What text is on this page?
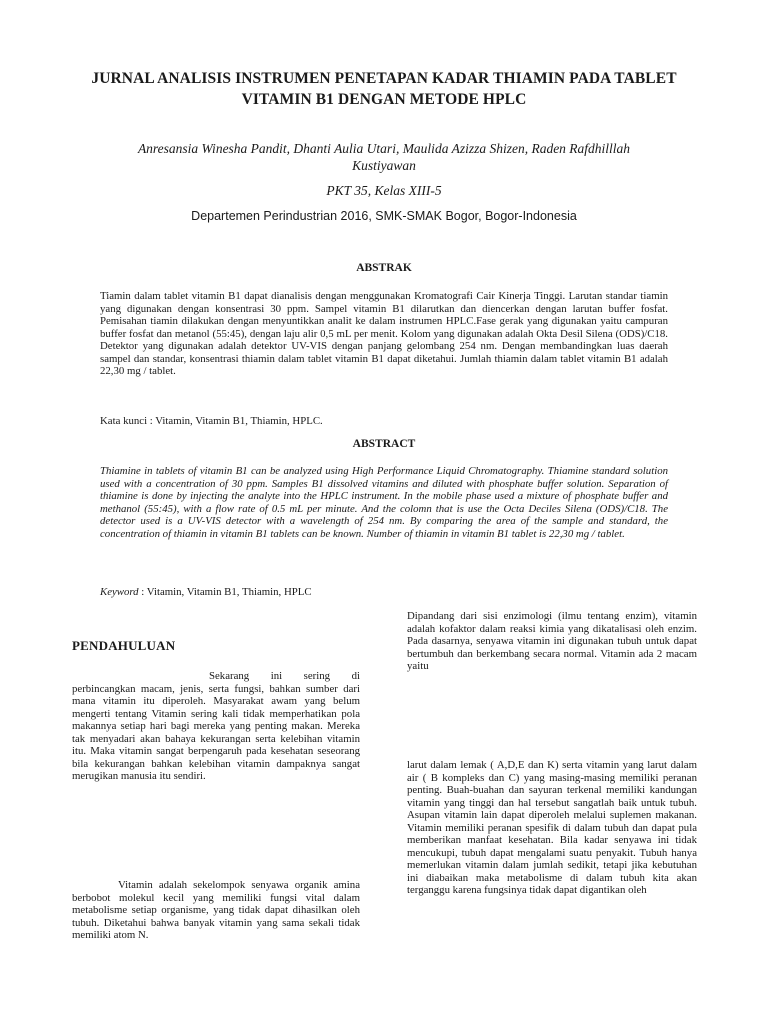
JURNAL ANALISIS INSTRUMEN PENETAPAN KADAR THIAMIN PADA TABLET VITAMIN B1 DENGAN METODE HPLC
Anresansia Winesha Pandit, Dhanti Aulia Utari, Maulida Azizza Shizen, Raden Rafdhilllah Kustiyawan
PKT 35, Kelas XIII-5
Departemen Perindustrian 2016, SMK-SMAK Bogor, Bogor-Indonesia
ABSTRAK
Tiamin dalam tablet vitamin B1 dapat dianalisis dengan menggunakan Kromatografi Cair Kinerja Tinggi. Larutan standar tiamin yang digunakan dengan konsentrasi 30 ppm. Sampel vitamin B1 dilarutkan dan diencerkan dengan larutan buffer fosfat. Pemisahan tiamin dilakukan dengan menyuntikkan analit ke dalam instrumen HPLC.Fase gerak yang digunakan yaitu campuran buffer fosfat dan metanol (55:45), dengan laju alir 0,5 mL per menit. Kolom yang digunakan adalah Okta Desil Silena (ODS)/C18. Detektor yang digunakan adalah detektor UV-VIS dengan panjang gelombang 254 nm. Dengan membandingkan luas daerah sampel dan standar, konsentrasi thiamin dalam tablet vitamin B1 dapat diketahui. Jumlah thiamin dalam tablet vitamin B1 adalah 22,30 mg / tablet.
Kata kunci : Vitamin, Vitamin B1, Thiamin, HPLC.
ABSTRACT
Thiamine in tablets of vitamin B1 can be analyzed using High Performance Liquid Chromatography. Thiamine standard solution used with a concentration of 30 ppm. Samples B1 dissolved vitamins and diluted with phosphate buffer solution. Separation of thiamine is done by injecting the analyte into the HPLC instrument. In the mobile phase used a mixture of phosphate buffer and methanol (55:45), with a flow rate of 0.5 mL per minute. And the colomn that is use the Octa Deciles Silena (ODS)/C18. The detector used is a UV-VIS detector with a wavelength of 254 nm. By comparing the area of the sample and standard, the concentration of thiamin in vitamin B1 tablets can be known. Number of thiamin in vitamin B1 tablet is 22,30 mg / tablet.
Keyword : Vitamin, Vitamin B1, Thiamin, HPLC
PENDAHULUAN
Sekarang ini sering di perbincangkan macam, jenis, serta fungsi, bahkan sumber dari mana vitamin itu diperoleh. Masyarakat awam yang belum mengerti tentang Vitamin sering kali tidak memperhatikan pola makannya setiap hari bagi mereka yang penting makan. Mereka tak menyadari akan bahaya kekurangan serta kelebihan vitamin itu. Maka vitamin sangat berpengaruh pada kesehatan seseorang bila kekurangan bahkan kelebihan vitamin dampaknya sangat merugikan manusia itu sendiri.
Vitamin adalah sekelompok senyawa organik amina berbobot molekul kecil yang memiliki fungsi vital dalam metabolisme setiap organisme, yang tidak dapat dihasilkan oleh tubuh. Diketahui bahwa banyak vitamin yang sama sekali tidak memiliki atom N.
Dipandang dari sisi enzimologi (ilmu tentang enzim), vitamin adalah kofaktor dalam reaksi kimia yang dikatalisasi oleh enzim. Pada dasarnya, senyawa vitamin ini digunakan tubuh untuk dapat bertumbuh dan berkembang secara normal. Vitamin ada 2 macam yaitu
larut dalam lemak ( A,D,E dan K) serta vitamin yang larut dalam air ( B kompleks dan C) yang masing-masing memiliki peranan penting. Buah-buahan dan sayuran terkenal memiliki kandungan vitamin yang tinggi dan hal tersebut sangatlah baik untuk tubuh. Asupan vitamin lain dapat diperoleh melalui suplemen makanan. Vitamin memiliki peranan spesifik di dalam tubuh dan dapat pula memberikan manfaat kesehatan. Bila kadar senyawa ini tidak mencukupi, tubuh dapat mengalami suatu penyakit. Tubuh hanya memerlukan vitamin dalam jumlah sedikit, tetapi jika kebutuhan ini diabaikan maka metabolisme di dalam tubuh kita akan terganggu karena fungsinya tidak dapat digantikan oleh
